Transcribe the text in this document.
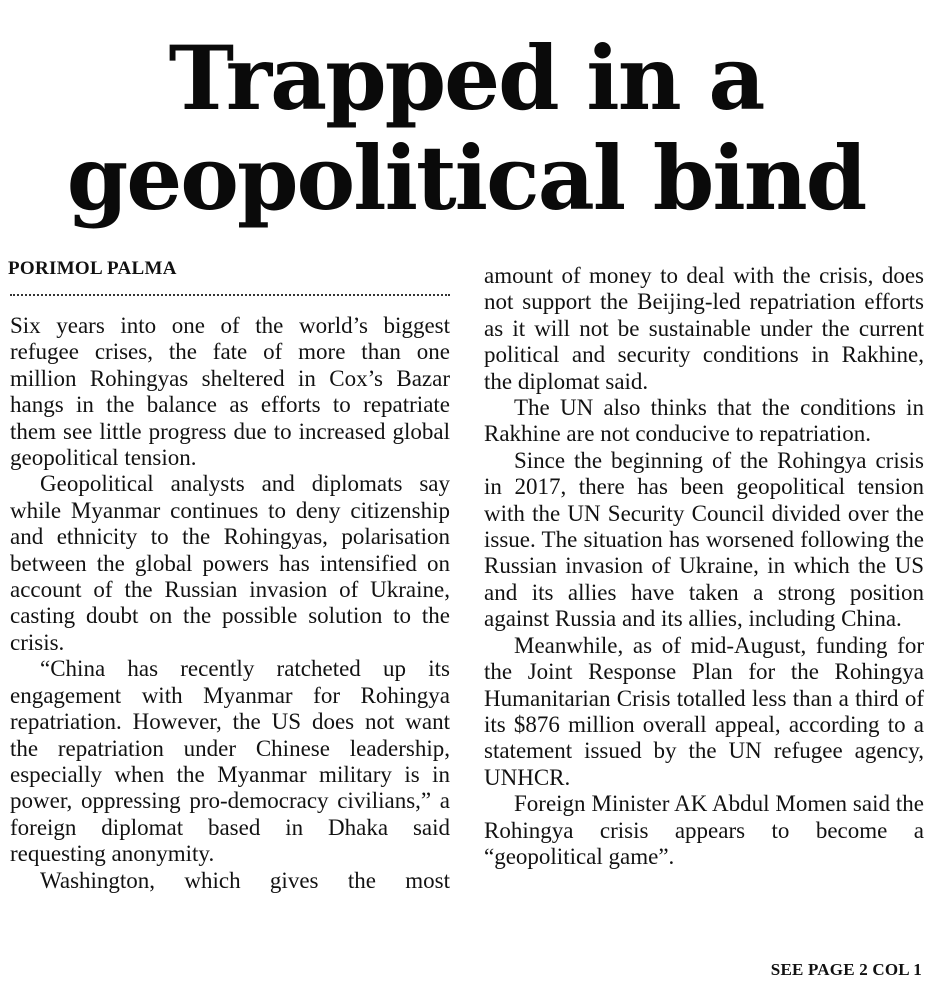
Trapped in a
geopolitical bind
PORIMOL PALMA

Six years into one of the world’s biggest refugee crises, the fate of more than one million Rohingyas sheltered in Cox’s Bazar hangs in the balance as efforts to repatriate them see little progress due to increased global geopolitical tension.

Geopolitical analysts and diplomats say while Myanmar continues to deny citizenship and ethnicity to the Rohingyas, polarisation between the global powers has intensified on account of the Russian invasion of Ukraine, casting doubt on the possible solution to the crisis.

“China has recently ratcheted up its engagement with Myanmar for Rohingya repatriation. However, the US does not want the repatriation under Chinese leadership, especially when the Myanmar military is in power, oppressing pro-democracy civilians,” a foreign diplomat based in Dhaka said requesting anonymity.

Washington, which gives the most

amount of money to deal with the crisis, does not support the Beijing-led repatriation efforts as it will not be sustainable under the current political and security conditions in Rakhine, the diplomat said.

The UN also thinks that the conditions in Rakhine are not conducive to repatriation.

Since the beginning of the Rohingya crisis in 2017, there has been geopolitical tension with the UN Security Council divided over the issue. The situation has worsened following the Russian invasion of Ukraine, in which the US and its allies have taken a strong position against Russia and its allies, including China.

Meanwhile, as of mid-August, funding for the Joint Response Plan for the Rohingya Humanitarian Crisis totalled less than a third of its $876 million overall appeal, according to a statement issued by the UN refugee agency, UNHCR.

Foreign Minister AK Abdul Momen said the Rohingya crisis appears to become a “geopolitical game”.

SEE PAGE 2 COL 1
